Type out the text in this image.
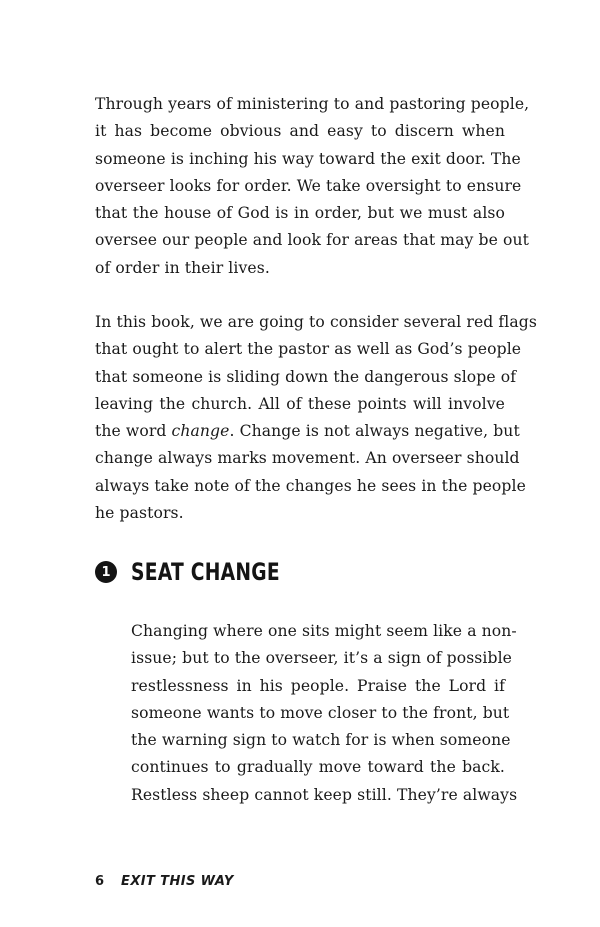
Through years of ministering to and pastoring people,
it has become obvious and easy to discern when
someone is inching his way toward the exit door. The
overseer looks for order. We take oversight to ensure
that the house of God is in order, but we must also
oversee our people and look for areas that may be out
of order in their lives.
In this book, we are going to consider several red flags
that ought to alert the pastor as well as God’s people
that someone is sliding down the dangerous slope of
leaving the church. All of these points will involve
the word change. Change is not always negative, but
change always marks movement. An overseer should
always take note of the changes he sees in the people
he pastors.
1 SEAT CHANGE
Changing where one sits might seem like a non-
issue; but to the overseer, it’s a sign of possible
restlessness in his people. Praise the Lord if
someone wants to move closer to the front, but
the warning sign to watch for is when someone
continues to gradually move toward the back.
Restless sheep cannot keep still. They’re always
6 EXIT THIS WAY
